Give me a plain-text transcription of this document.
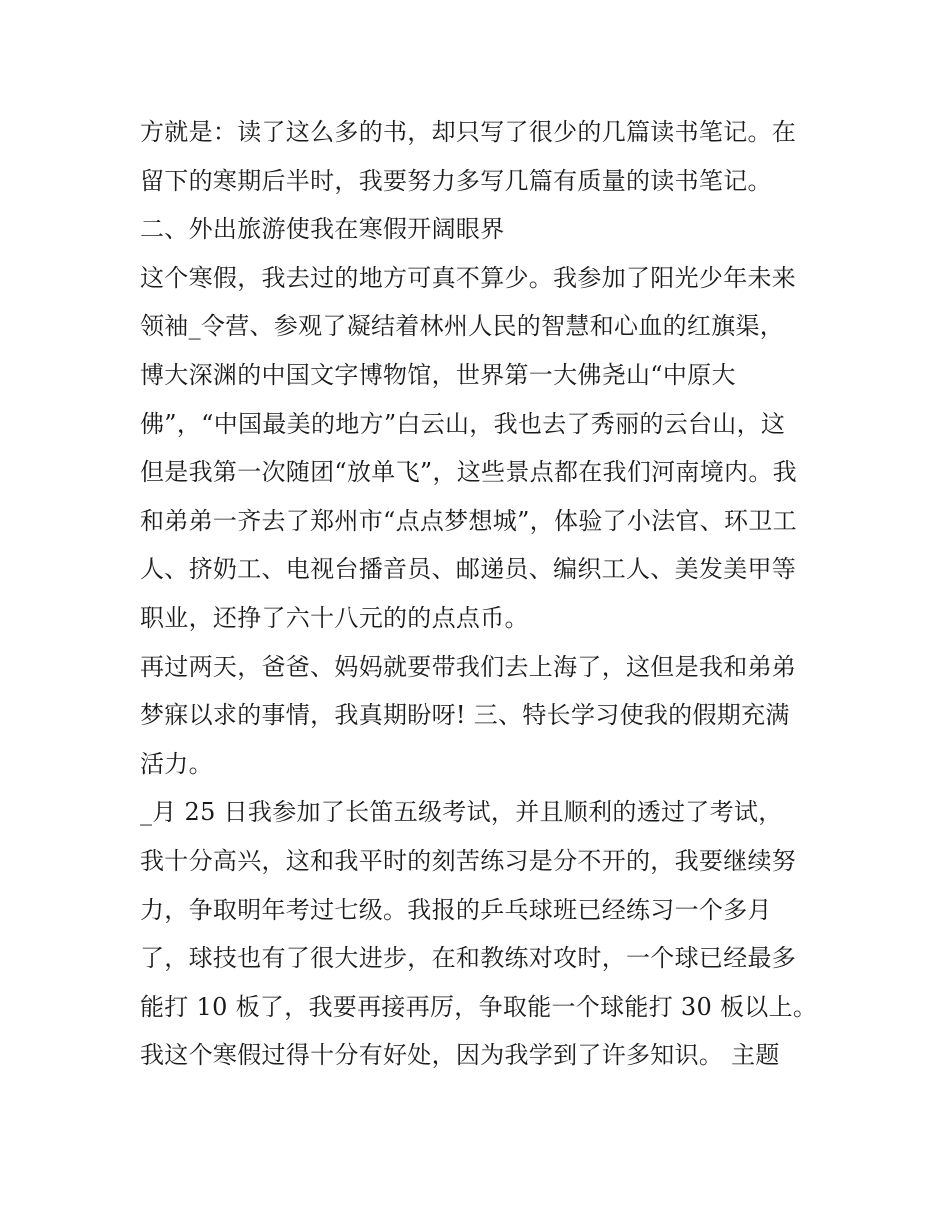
方就是：读了这么多的书，却只写了很少的几篇读书笔记。在
留下的寒期后半时，我要努力多写几篇有质量的读书笔记。
二、外出旅游使我在寒假开阔眼界
这个寒假，我去过的地方可真不算少。我参加了阳光少年未来
领袖_令营、参观了凝结着林州人民的智慧和心血的红旗渠，
博大深渊的中国文字博物馆，世界第一大佛尧山“中原大
佛”，“中国最美的地方”白云山，我也去了秀丽的云台山，这
但是我第一次随团“放单飞”，这些景点都在我们河南境内。我
和弟弟一齐去了郑州市“点点梦想城”，体验了小法官、环卫工
人、挤奶工、电视台播音员、邮递员、编织工人、美发美甲等
职业，还挣了六十八元的的点点币。
再过两天，爸爸、妈妈就要带我们去上海了，这但是我和弟弟
梦寐以求的事情，我真期盼呀! 三、特长学习使我的假期充满
活力。
_月 25 日我参加了长笛五级考试，并且顺利的透过了考试，
我十分高兴，这和我平时的刻苦练习是分不开的，我要继续努
力，争取明年考过七级。我报的乒乓球班已经练习一个多月
了，球技也有了很大进步，在和教练对攻时，一个球已经最多
能打 10 板了，我要再接再厉，争取能一个球能打 30 板以上。
我这个寒假过得十分有好处，因为我学到了许多知识。 主题
